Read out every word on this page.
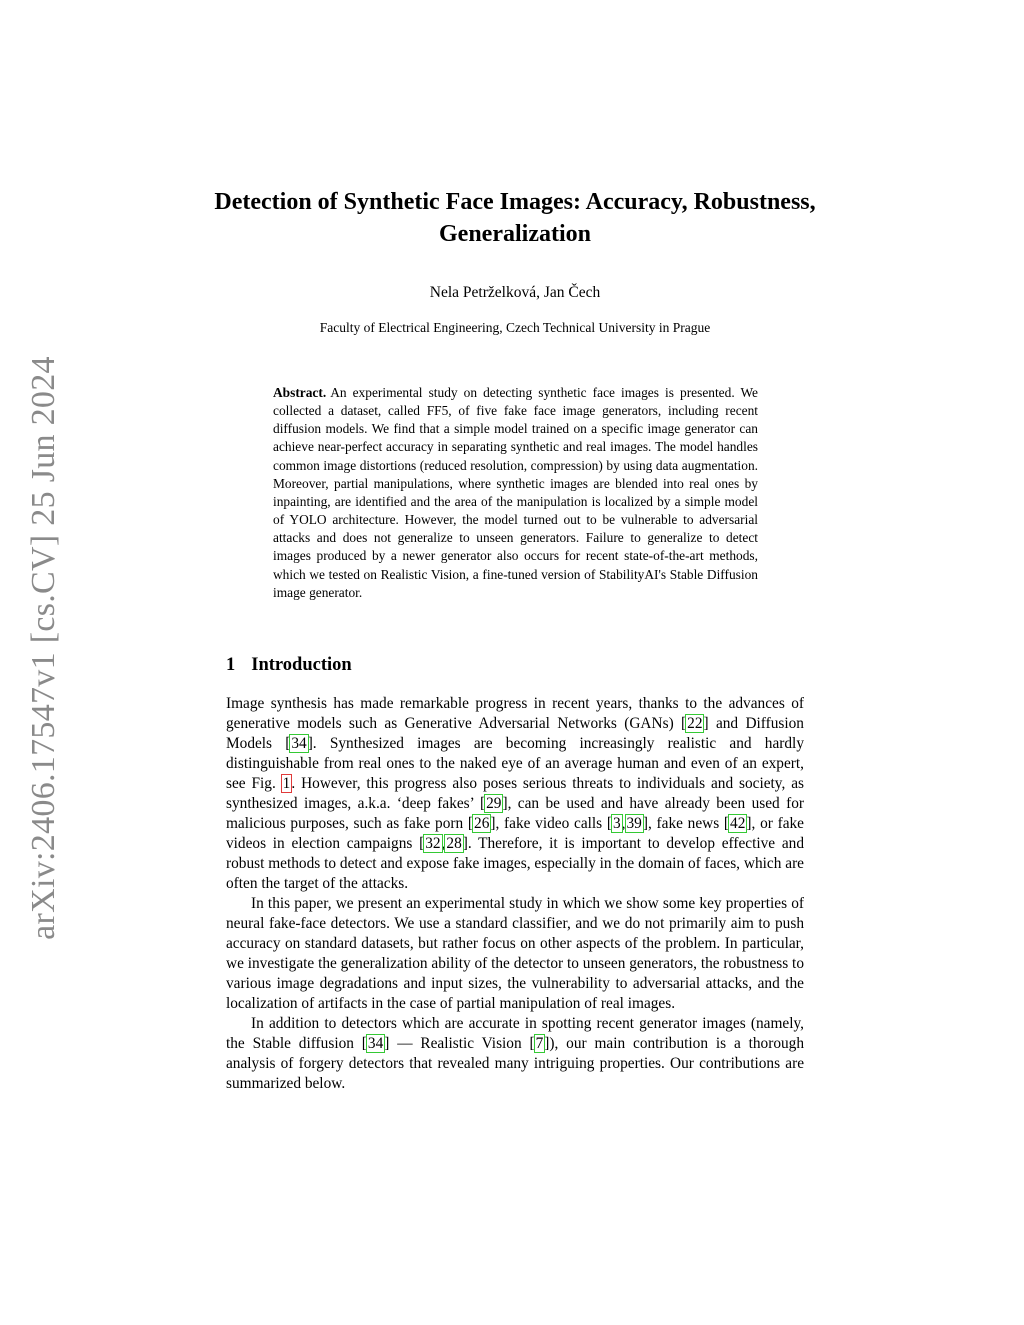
arXiv:2406.17547v1 [cs.CV] 25 Jun 2024
Detection of Synthetic Face Images: Accuracy, Robustness, Generalization
Nela Petrželková, Jan Čech
Faculty of Electrical Engineering, Czech Technical University in Prague
Abstract. An experimental study on detecting synthetic face images is presented. We collected a dataset, called FF5, of five fake face image generators, including recent diffusion models. We find that a simple model trained on a specific image generator can achieve near-perfect accuracy in separating synthetic and real images. The model handles common image distortions (reduced resolution, compression) by using data augmentation. Moreover, partial manipulations, where synthetic images are blended into real ones by inpainting, are identified and the area of the manipulation is localized by a simple model of YOLO architecture. However, the model turned out to be vulnerable to adversarial attacks and does not generalize to unseen generators. Failure to generalize to detect images produced by a newer generator also occurs for recent state-of-the-art methods, which we tested on Realistic Vision, a fine-tuned version of StabilityAI's Stable Diffusion image generator.
1 Introduction

Image synthesis has made remarkable progress in recent years, thanks to the advances of generative models such as Generative Adversarial Networks (GANs) [22] and Diffusion Models [34]. Synthesized images are becoming increasingly realistic and hardly distinguishable from real ones to the naked eye of an average human and even of an expert, see Fig. 1. However, this progress also poses serious threats to individuals and society, as synthesized images, a.k.a. ‘deep fakes’ [29], can be used and have already been used for malicious purposes, such as fake porn [26], fake video calls [3,39], fake news [42], or fake videos in election campaigns [32,28]. Therefore, it is important to develop effective and robust methods to detect and expose fake images, especially in the domain of faces, which are often the target of the attacks.

In this paper, we present an experimental study in which we show some key properties of neural fake-face detectors. We use a standard classifier, and we do not primarily aim to push accuracy on standard datasets, but rather focus on other aspects of the problem. In particular, we investigate the generalization ability of the detector to unseen generators, the robustness to various image degradations and input sizes, the vulnerability to adversarial attacks, and the localization of artifacts in the case of partial manipulation of real images.

In addition to detectors which are accurate in spotting recent generator images (namely, the Stable diffusion [34] — Realistic Vision [7]), our main contribution is a thorough analysis of forgery detectors that revealed many intriguing properties. Our contributions are summarized below.
